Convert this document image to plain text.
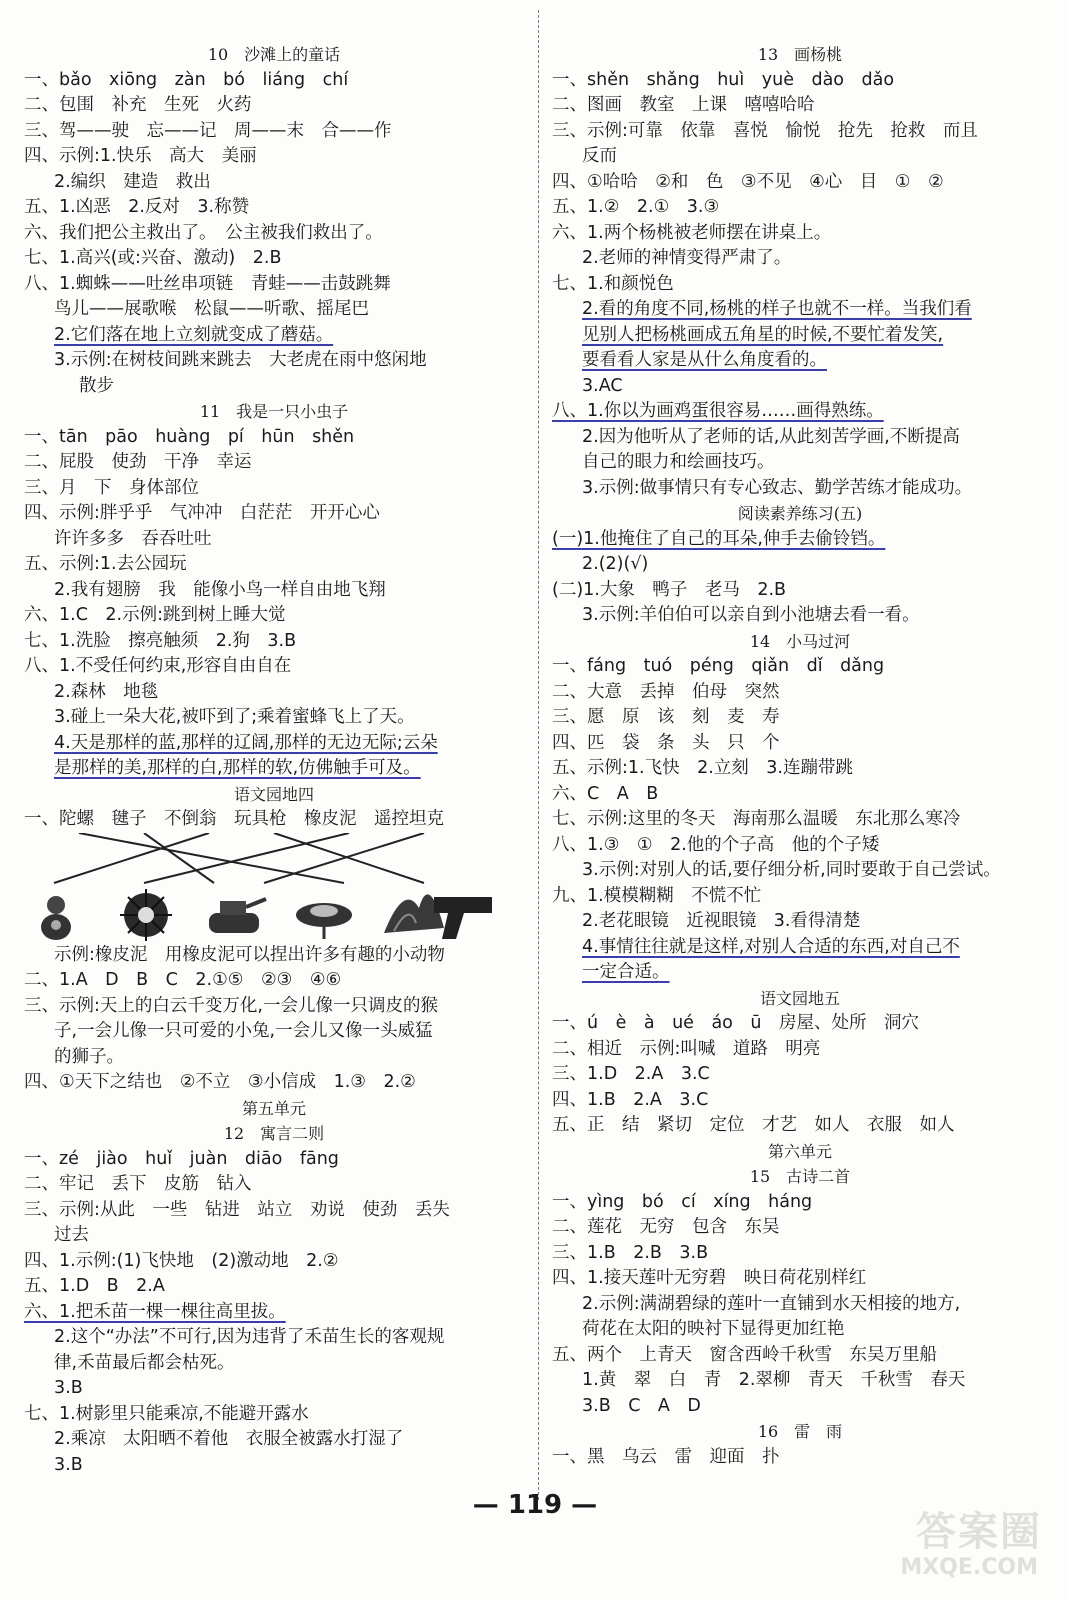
10　沙滩上的童话
一、bǎo　xiōng　zàn　bó　liáng　chí
二、包围　补充　生死　火药
三、驾——驶　忘——记　周——末　合——作
四、示例:1.快乐　高大　美丽
2.编织　建造　救出
五、1.凶恶　2.反对　3.称赞
六、我们把公主救出了。　公主被我们救出了。
七、1.高兴(或:兴奋、激动)　2.B
八、1.蜘蛛——吐丝串项链　青蛙——击鼓跳舞
鸟儿——展歌喉　松鼠——听歌、摇尾巴
2.它们落在地上立刻就变成了蘑菇。
3.示例:在树枝间跳来跳去　大老虎在雨中悠闲地
散步
11　我是一只小虫子
一、tān　pāo　huàng　pí　hūn　shěn
二、屁股　使劲　干净　幸运
三、月　下　身体部位
四、示例:胖乎乎　气冲冲　白茫茫　开开心心
许许多多　吞吞吐吐
五、示例:1.去公园玩
2.我有翅膀　我　能像小鸟一样自由地飞翔
六、1.C　2.示例:跳到树上睡大觉
七、1.洗脸　擦亮触须　2.狗　3.B
八、1.不受任何约束,形容自由自在
2.森林　地毯
3.碰上一朵大花,被吓到了;乘着蜜蜂飞上了天。
4.天是那样的蓝,那样的辽阔,那样的无边无际;云朵
是那样的美,那样的白,那样的软,仿佛触手可及。
语文园地四
一、陀螺　毽子　不倒翁　玩具枪　橡皮泥　遥控坦克
示例:橡皮泥　用橡皮泥可以捏出许多有趣的小动物
二、1.A　D　B　C　2.①⑤　②③　④⑥
三、示例:天上的白云千变万化,一会儿像一只调皮的猴
子,一会儿像一只可爱的小兔,一会儿又像一头威猛
的狮子。
四、①天下之结也　②不立　③小信成　1.③　2.②
第五单元
12　寓言二则
一、zé　jiào　huǐ　juàn　diāo　fāng
二、牢记　丢下　皮筋　钻入
三、示例:从此　一些　钻进　站立　劝说　使劲　丢失
过去
四、1.示例:(1)飞快地　(2)激动地　2.②
五、1.D　B　2.A
六、1.把禾苗一棵一棵往高里拔。
2.这个“办法”不可行,因为违背了禾苗生长的客观规
律,禾苗最后都会枯死。
3.B
七、1.树影里只能乘凉,不能避开露水
2.乘凉　太阳晒不着他　衣服全被露水打湿了
3.B
13　画杨桃
一、shěn　shǎng　huì　yuè　dào　dǎo
二、图画　教室　上课　嘻嘻哈哈
三、示例:可靠　依靠　喜悦　愉悦　抢先　抢救　而且
反而
四、①哈哈　②和　色　③不见　④心　目　①　②
五、1.②　2.①　3.③
六、1.两个杨桃被老师摆在讲桌上。
2.老师的神情变得严肃了。
七、1.和颜悦色
2.看的角度不同,杨桃的样子也就不一样。当我们看
见别人把杨桃画成五角星的时候,不要忙着发笑,
要看看人家是从什么角度看的。
3.AC
八、1.你以为画鸡蛋很容易……画得熟练。
2.因为他听从了老师的话,从此刻苦学画,不断提高
自己的眼力和绘画技巧。
3.示例:做事情只有专心致志、勤学苦练才能成功。
阅读素养练习(五)
(一)1.他掩住了自己的耳朵,伸手去偷铃铛。
2.(2)(√)
(二)1.大象　鸭子　老马　2.B
3.示例:羊伯伯可以亲自到小池塘去看一看。
14　小马过河
一、fáng　tuó　péng　qiǎn　dǐ　dǎng
二、大意　丢掉　伯母　突然
三、愿　原　该　刻　麦　寿
四、匹　袋　条　头　只　个
五、示例:1.飞快　2.立刻　3.连蹦带跳
六、C　A　B
七、示例:这里的冬天　海南那么温暖　东北那么寒冷
八、1.③　①　2.他的个子高　他的个子矮
3.示例:对别人的话,要仔细分析,同时要敢于自己尝试。
九、1.模模糊糊　不慌不忙
2.老花眼镜　近视眼镜　3.看得清楚
4.事情往往就是这样,对别人合适的东西,对自己不
一定合适。
语文园地五
一、ú　è　à　ué　áo　ū　房屋、处所　洞穴
二、相近　示例:叫喊　道路　明亮
三、1.D　2.A　3.C
四、1.B　2.A　3.C
五、正　结　紧切　定位　才艺　如人　衣服　如人
第六单元
15　古诗二首
一、yìng　bó　cí　xíng　háng
二、莲花　无穷　包含　东吴
三、1.B　2.B　3.B
四、1.接天莲叶无穷碧　映日荷花别样红
2.示例:满湖碧绿的莲叶一直铺到水天相接的地方,
荷花在太阳的映衬下显得更加红艳
五、两个　上青天　窗含西岭千秋雪　东吴万里船
1.黄　翠　白　青　2.翠柳　青天　千秋雪　春天
3.B　C　A　D
16　雷　雨
一、黑　乌云　雷　迎面　扑
— 119 —
答案圈
MXQE.COM
